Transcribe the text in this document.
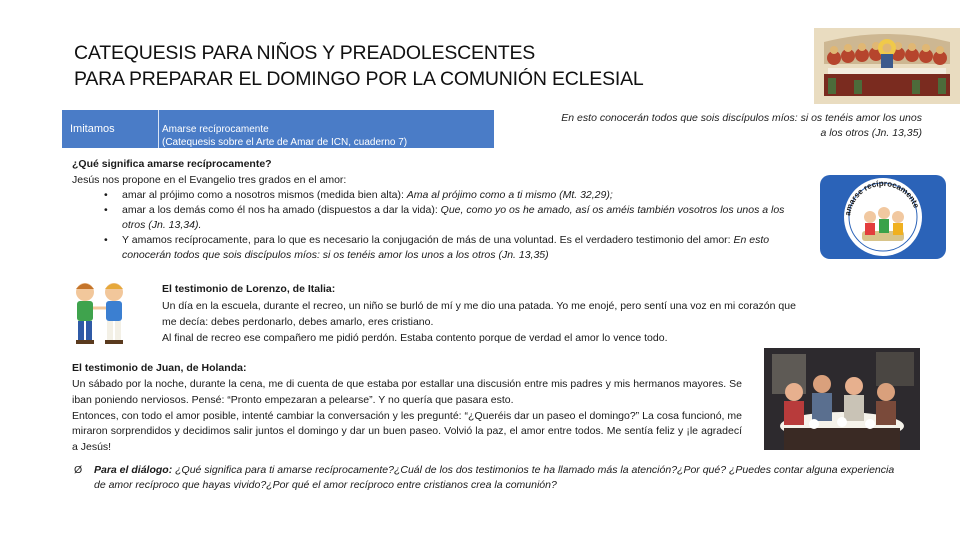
CATEQUESIS PARA NIÑOS Y PREADOLESCENTES
PARA PREPARAR EL DOMINGO POR LA COMUNIÓN ECLESIAL
Imitamos	Amarse recíprocamente
(Catequesis sobre el Arte de Amar de ICN, cuaderno 7)
En esto conocerán todos que sois discípulos míos: si os tenéis amor los unos a los otros (Jn. 13,35)
¿Qué significa amarse recíprocamente?
Jesús nos propone en el Evangelio tres grados en el amor:
• amar al prójimo como a nosotros mismos (medida bien alta): Ama al prójimo como a ti mismo (Mt. 32,29);
• amar a los demás como él nos ha amado (dispuestos a dar la vida): Que, como yo os he amado, así os améis también vosotros los unos a los otros (Jn. 13,34).
• Y amamos recíprocamente, para lo que es necesario la conjugación de más de una voluntad. Es el verdadero testimonio del amor: En esto conocerán todos que sois discípulos míos: si os tenéis amor los unos a los otros (Jn. 13,35)
amarse recíprocamente
El testimonio de Lorenzo, de Italia:
Un día en la escuela, durante el recreo, un niño se burló de mí y me dio una patada. Yo me enojé, pero sentí una voz en mi corazón que me decía: debes perdonarlo, debes amarlo, eres cristiano.
Al final de recreo ese compañero me pidió perdón. Estaba contento porque de verdad el amor lo vence todo.
El testimonio de Juan, de Holanda:
Un sábado por la noche, durante la cena, me di cuenta de que estaba por estallar una discusión entre mis padres y mis hermanos mayores. Se iban poniendo nerviosos. Pensé: “Pronto empezaran a pelearse”. Y no quería que pasara esto.
Entonces, con todo el amor posible, intenté cambiar la conversación y les pregunté: “¿Queréis dar un paseo el domingo?” La cosa funcionó, me miraron sorprendidos y decidimos salir juntos el domingo y dar un buen paseo. Volvió la paz, el amor entre todos. Me sentía feliz y ¡le agradecí a Jesús!
Ø Para el diálogo: ¿Qué significa para ti amarse recíprocamente?¿Cuál de los dos testimonios te ha llamado más la atención?¿Por qué? ¿Puedes contar alguna experiencia de amor recíproco que hayas vivido?¿Por qué el amor recíproco entre cristianos crea la comunión?
